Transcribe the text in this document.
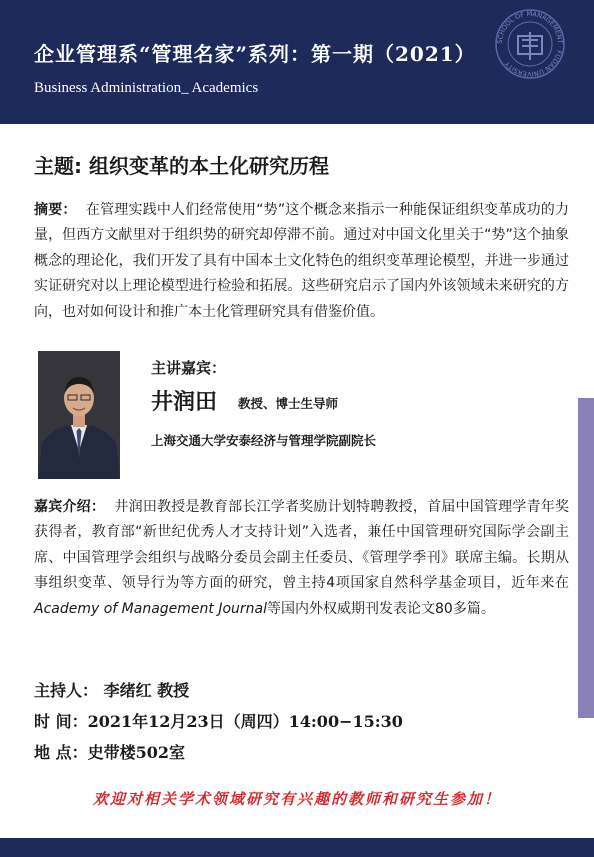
企业管理系“管理名家”系列：第一期（2021）
Business Administration_ Academics
SCHOOL OF MANAGEMENT · FUDAN UNIVERSITY
主题: 组织变革的本土化研究历程

摘要： 在管理实践中人们经常使用“势”这个概念来指示一种能保证组织变革成功的力量，但西方文献里对于组织势的研究却停滞不前。通过对中国文化里关于“势”这个抽象概念的理论化，我们开发了具有中国本土文化特色的组织变革理论模型，并进一步通过实证研究对以上理论模型进行检验和拓展。这些研究启示了国内外该领域未来研究的方向，也对如何设计和推广本土化管理研究具有借鉴价值。

主讲嘉宾：
井润田 教授、博士生导师
上海交通大学安泰经济与管理学院副院长

嘉宾介绍： 井润田教授是教育部长江学者奖励计划特聘教授，首届中国管理学青年奖获得者，教育部“新世纪优秀人才支持计划”入选者，兼任中国管理研究国际学会副主席、中国管理学会组织与战略分委员会副主任委员、《管理学季刊》联席主编。长期从事组织变革、领导行为等方面的研究，曾主持4项国家自然科学基金项目，近年来在Academy of Management Journal等国内外权威期刊发表论文80多篇。

主持人： 李绪红 教授
时 间：2021年12月23日（周四）14:00−15:30
地 点：史带楼502室
欢迎对相关学术领域研究有兴趣的教师和研究生参加！
